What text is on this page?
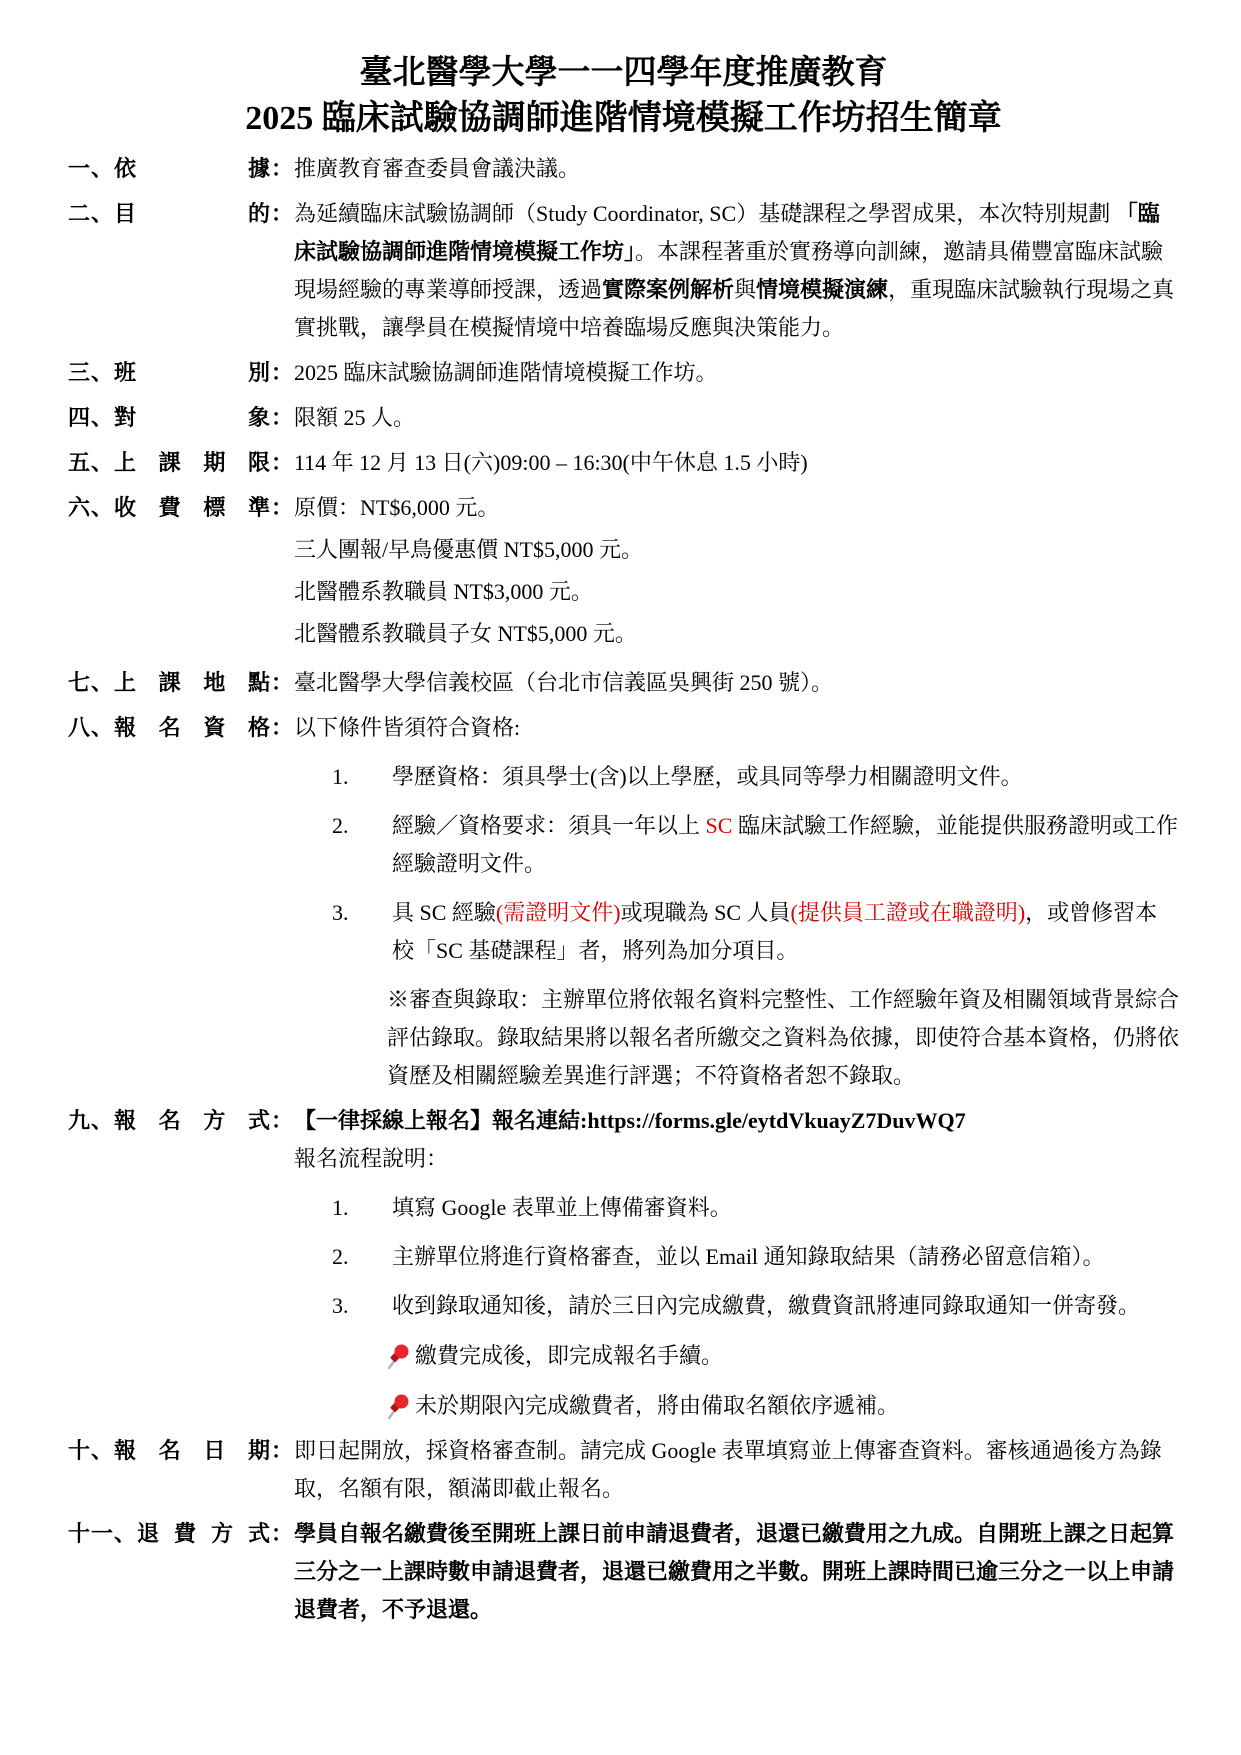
臺北醫學大學一一四學年度推廣教育
2025 臨床試驗協調師進階情境模擬工作坊招生簡章
一、 依據 ： 推廣教育審查委員會議決議。
二、 目的 ： 為延續臨床試驗協調師（Study Coordinator, SC）基礎課程之學習成果，本次特別規劃 「臨床試驗協調師進階情境模擬工作坊」。本課程著重於實務導向訓練，邀請具備豐富臨床試驗現場經驗的專業導師授課，透過實際案例解析與情境模擬演練，重現臨床試驗執行現場之真實挑戰，讓學員在模擬情境中培養臨場反應與決策能力。
三、 班別 ： 2025 臨床試驗協調師進階情境模擬工作坊。
四、 對象 ： 限額 25 人。
五、 上課期限 ： 114 年 12 月 13 日(六)09:00 – 16:30(中午休息 1.5 小時)
六、 收費標準 ： 原價：NT$6,000 元。
三人團報/早鳥優惠價 NT$5,000 元。
北醫體系教職員 NT$3,000 元。
北醫體系教職員子女 NT$5,000 元。
七、 上課地點 ： 臺北醫學大學信義校區（台北市信義區吳興街 250 號）。
八、 報名資格 ： 以下條件皆須符合資格:
1.	學歷資格：須具學士(含)以上學歷，或具同等學力相關證明文件。
2.	經驗／資格要求：須具一年以上 SC 臨床試驗工作經驗，並能提供服務證明或工作經驗證明文件。
3.	具 SC 經驗(需證明文件)或現職為 SC 人員(提供員工證或在職證明)，或曾修習本校「SC 基礎課程」者，將列為加分項目。
※審查與錄取：主辦單位將依報名資料完整性、工作經驗年資及相關領域背景綜合評估錄取。錄取結果將以報名者所繳交之資料為依據，即使符合基本資格，仍將依資歷及相關經驗差異進行評選；不符資格者恕不錄取。
九、 報名方式 ： 【一律採線上報名】報名連結:https://forms.gle/eytdVkuayZ7DuvWQ7
報名流程說明：
1.	填寫 Google 表單並上傳備審資料。
2.	主辦單位將進行資格審查，並以 Email 通知錄取結果（請務必留意信箱）。
3.	收到錄取通知後，請於三日內完成繳費，繳費資訊將連同錄取通知一併寄發。
繳費完成後，即完成報名手續。
未於期限內完成繳費者，將由備取名額依序遞補。
十、 報名日期 ： 即日起開放，採資格審查制。請完成 Google 表單填寫並上傳審查資料。審核通過後方為錄取，名額有限，額滿即截止報名。
十一、 退費方式 ： 學員自報名繳費後至開班上課日前申請退費者，退還已繳費用之九成。自開班上課之日起算三分之一上課時數申請退費者，退還已繳費用之半數。開班上課時間已逾三分之一以上申請退費者，不予退還。
